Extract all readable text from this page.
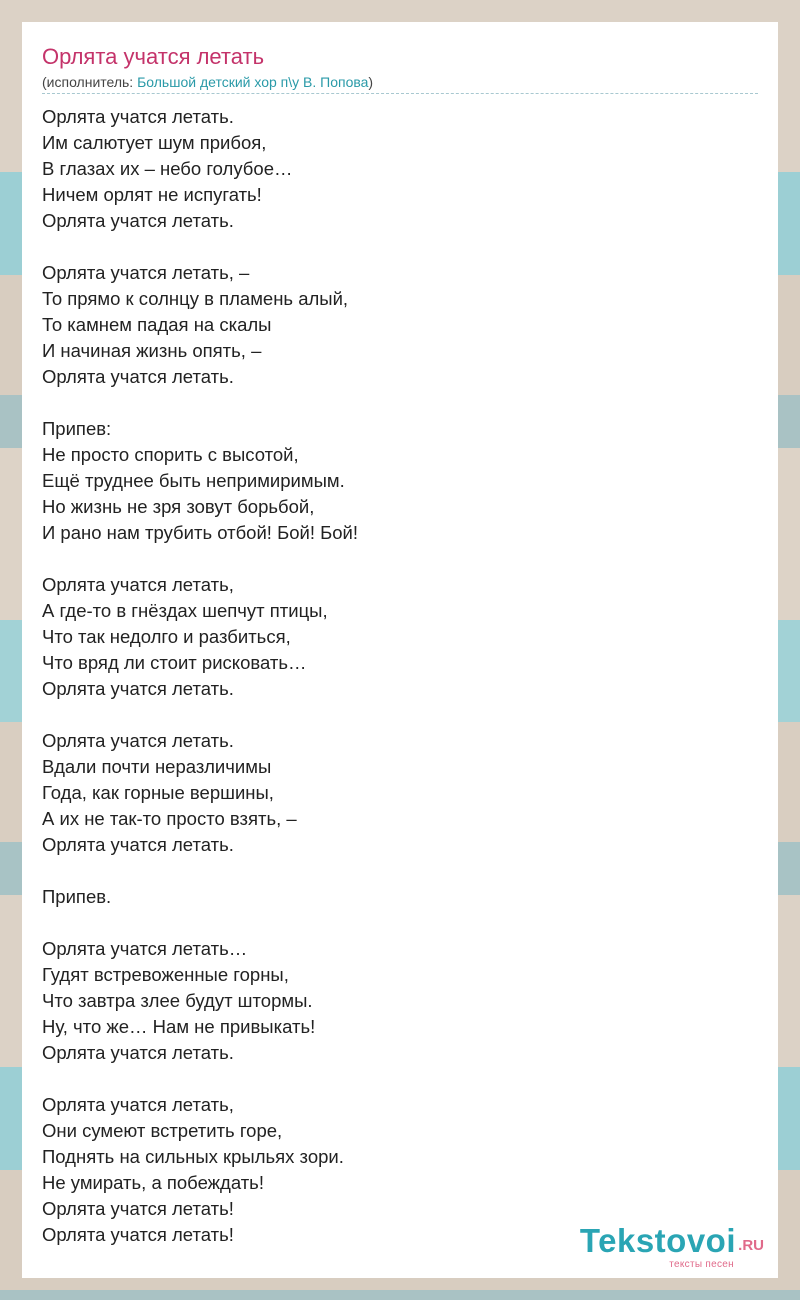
Орлята учатся летать
(исполнитель: Большой детский хор п\у В. Попова)
Орлята учатся летать.
Им салютует шум прибоя,
В глазах их – небо голубое…
Ничем орлят не испугать!
Орлята учатся летать.
Орлята учатся летать, –
То прямо к солнцу в пламень алый,
То камнем падая на скалы
И начиная жизнь опять, –
Орлята учатся летать.
Припев:
Не просто спорить с высотой,
Ещё труднее быть непримиримым.
Но жизнь не зря зовут борьбой,
И рано нам трубить отбой! Бой! Бой!
Орлята учатся летать,
А где-то в гнёздах шепчут птицы,
Что так недолго и разбиться,
Что вряд ли стоит рисковать…
Орлята учатся летать.
Орлята учатся летать.
Вдали почти неразличимы
Года, как горные вершины,
А их не так-то просто взять, –
Орлята учатся летать.
Припев.
Орлята учатся летать…
Гудят встревоженные горны,
Что завтра злее будут штормы.
Ну, что же… Нам не привыкать!
Орлята учатся летать.
Орлята учатся летать,
Они сумеют встретить горе,
Поднять на сильных крыльях зори.
Не умирать, а побеждать!
Орлята учатся летать!
Орлята учатся летать!	Tekstovoi .RU
тексты песен
